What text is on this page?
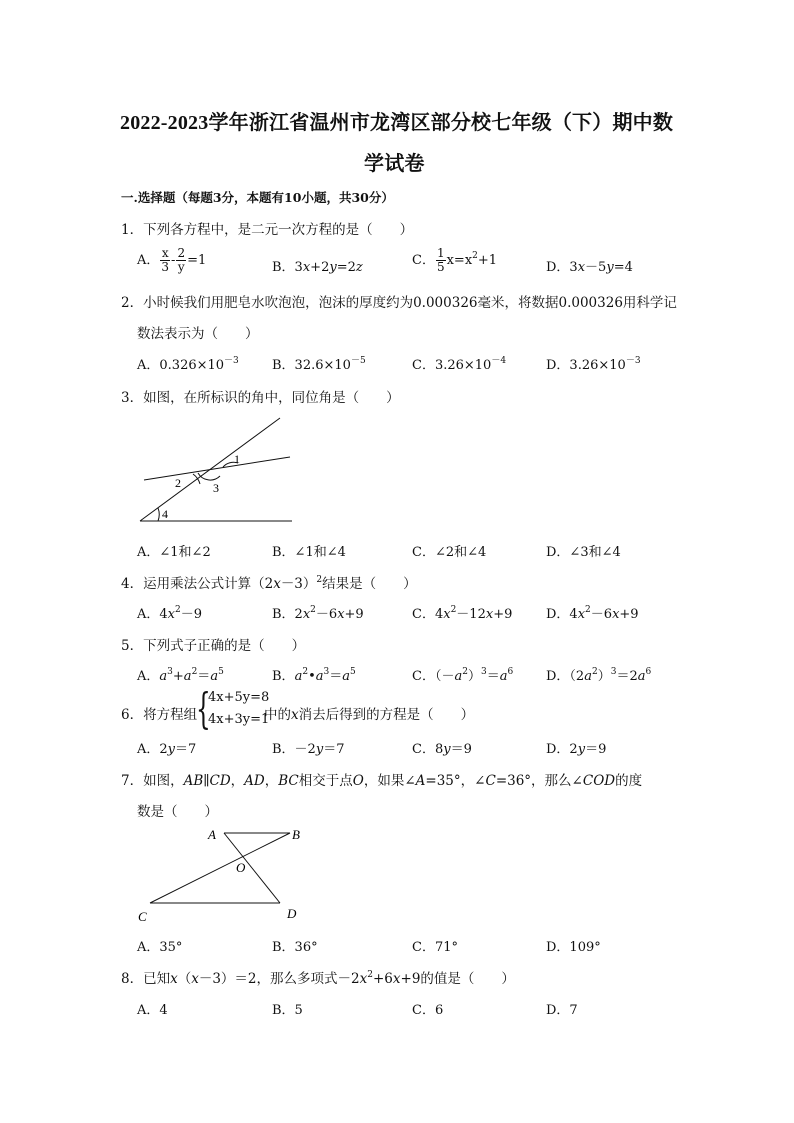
2022-2023学年浙江省温州市龙湾区部分校七年级（下）期中数
学试卷
一.选择题（每题3分，本题有10小题，共30分）
1．下列各方程中，是二元一次方程的是（　　）
A． $\frac{x}{3} - \frac{2}{y} =1$	B．3x+2y=2z	C． $\frac{1}{5} x=x^2+1$	D．3x－5y=4
2．小时候我们用肥皂水吹泡泡，泡沫的厚度约为0.000326毫米，将数据0.000326用科学记
数法表示为（　　）
A．$0.326\times 10^{-3}$	B．$32.6\times 10^{-5}$	C．$3.26\times 10^{-4}$	D．$3.26\times 10^{-3}$
3．如图，在所标识的角中，同位角是（　　）
1
2	3
4
A．∠1和∠2	B．∠1和∠4	C．∠2和∠4	D．∠3和∠4
4．运用乘法公式计算$(2x-3)^2$结果是（　　）
A．$4x^2-9$	B．$2x^2-6x+9$	C．$4x^2-12x+9$	D．$4x^2-6x+9$
5．下列式子正确的是（　　）
A．$a^3+a^2=a^5$	B．$a^2•a^3=a^5$	C．$(-a^2)^3=a^6$	D．$(2a^2)^3=2a^6$
6．将方程组
{
4x+5y=8
4x+3y=1
中的x消去后得到的方程是（　　）
A．2y＝7	B．－2y＝7	C．8y＝9	D．2y＝9
7．如图，AB∥CD，AD，BC相交于点O，如果∠A=35°，∠C=36°，那么∠COD的度
数是（　　）
A	B
O
C	D
A．35°	B．36°	C．71°	D．109°
8．已知x（x－3）＝2，那么多项式$-2x^2+6x+9$的值是（　　）
A．4	B．5	C．6	D．7
